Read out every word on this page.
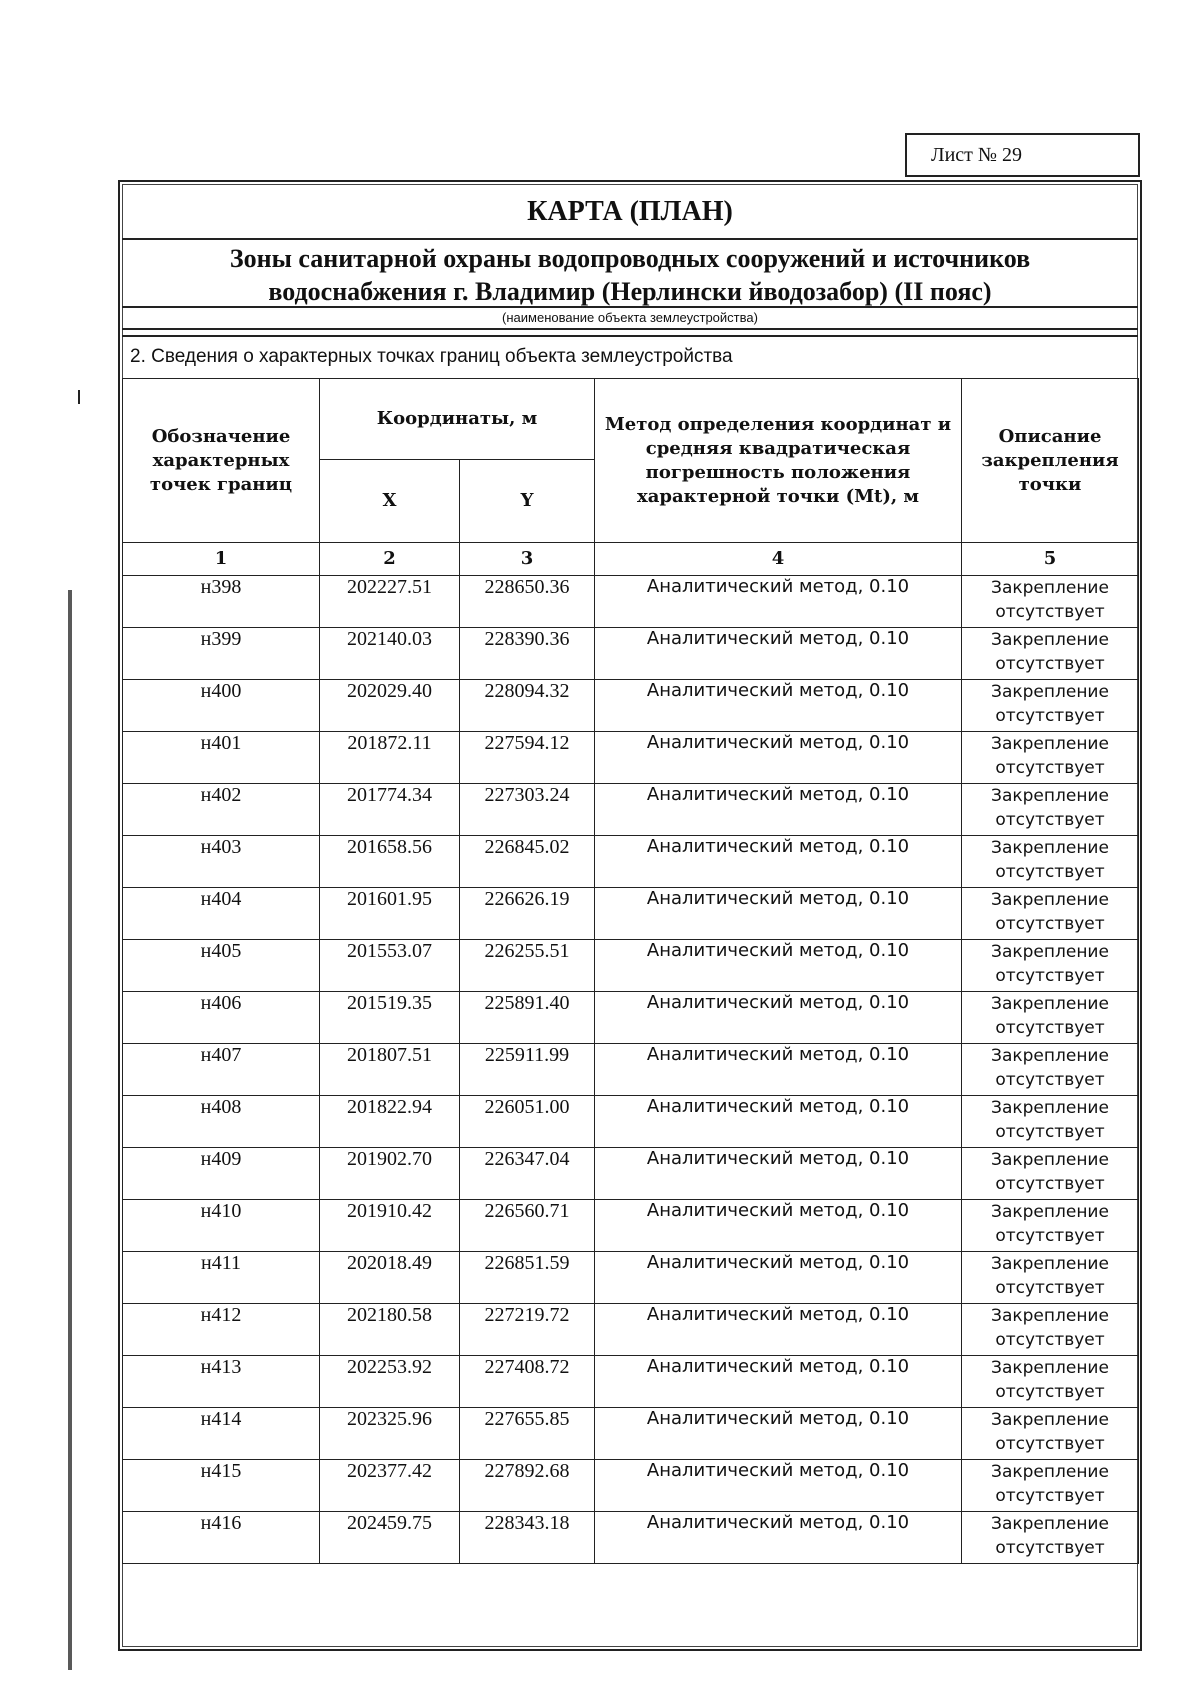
Лист № 29
КАРТА (ПЛАН)
Зоны санитарной охраны водопроводных сооружений и источников
водоснабжения г. Владимир (Нерлински йводозабор) (II пояс)
(наименование объекта землеустройства)
2. Сведения о характерных точках границ объекта землеустройства
Обозначение характерных точек границ	Координаты, м		Метод определения координат и средняя квадратическая погрешность положения характерной точки (Mt), м	Описание закрепления точки
	X	Y		
1	2	3	4	5
н398	202227.51	228650.36	Аналитический метод, 0.10	Закрепление
отсутствует

н399	202140.03	228390.36	Аналитический метод, 0.10	Закрепление
отсутствует

н400	202029.40	228094.32	Аналитический метод, 0.10	Закрепление
отсутствует

н401	201872.11	227594.12	Аналитический метод, 0.10	Закрепление
отсутствует

н402	201774.34	227303.24	Аналитический метод, 0.10	Закрепление
отсутствует

н403	201658.56	226845.02	Аналитический метод, 0.10	Закрепление
отсутствует

н404	201601.95	226626.19	Аналитический метод, 0.10	Закрепление
отсутствует

н405	201553.07	226255.51	Аналитический метод, 0.10	Закрепление
отсутствует

н406	201519.35	225891.40	Аналитический метод, 0.10	Закрепление
отсутствует

н407	201807.51	225911.99	Аналитический метод, 0.10	Закрепление
отсутствует

н408	201822.94	226051.00	Аналитический метод, 0.10	Закрепление
отсутствует

н409	201902.70	226347.04	Аналитический метод, 0.10	Закрепление
отсутствует

н410	201910.42	226560.71	Аналитический метод, 0.10	Закрепление
отсутствует

н411	202018.49	226851.59	Аналитический метод, 0.10	Закрепление
отсутствует

н412	202180.58	227219.72	Аналитический метод, 0.10	Закрепление
отсутствует

н413	202253.92	227408.72	Аналитический метод, 0.10	Закрепление
отсутствует

н414	202325.96	227655.85	Аналитический метод, 0.10	Закрепление
отсутствует

н415	202377.42	227892.68	Аналитический метод, 0.10	Закрепление
отсутствует

н416	202459.75	228343.18	Аналитический метод, 0.10	Закрепление
отсутствует
